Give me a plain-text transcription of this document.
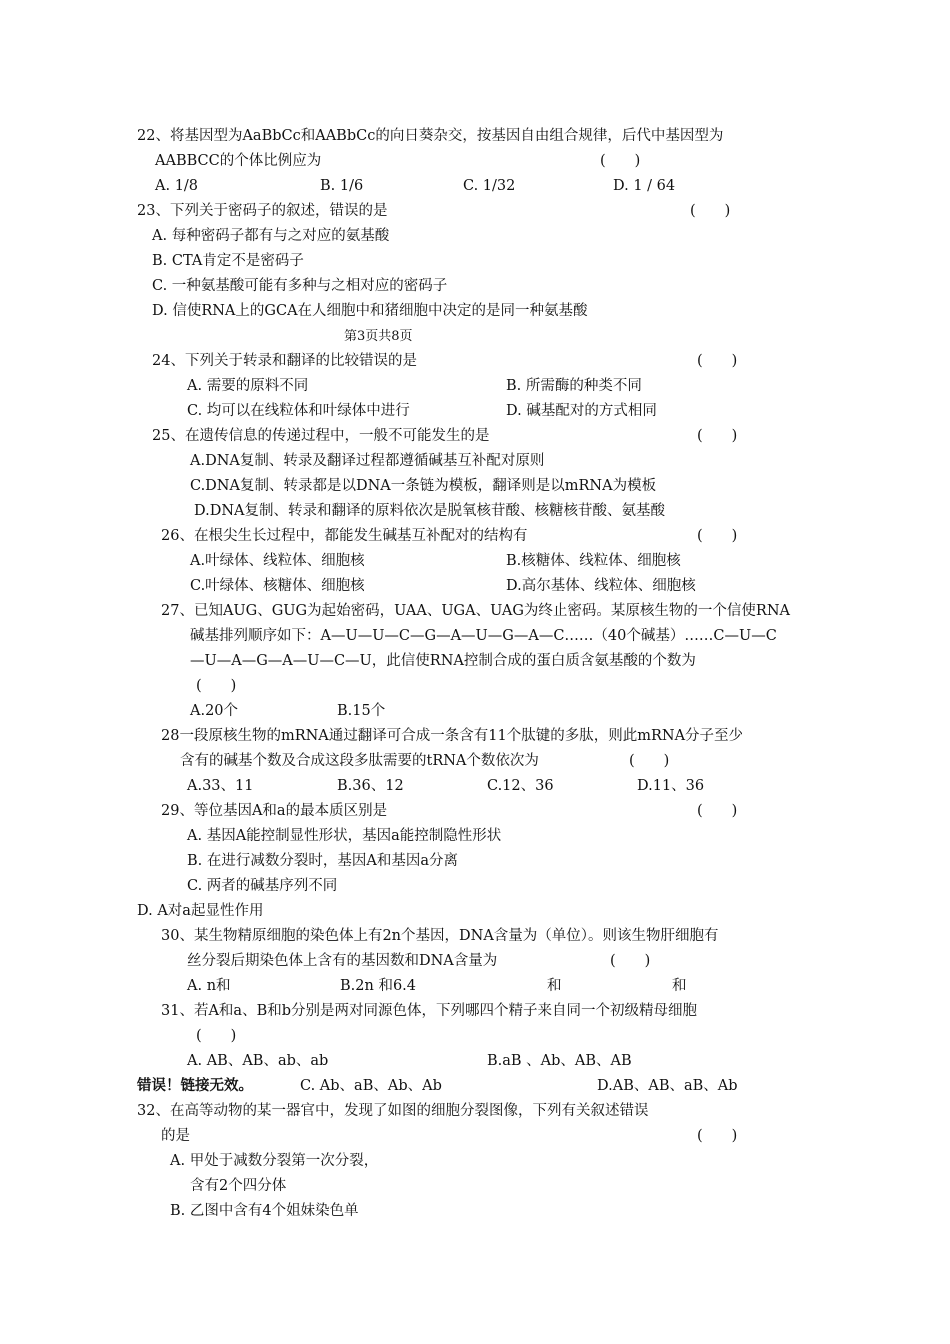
22、将基因型为AaBbCc和AABbCc的向日葵杂交，按基因自由组合规律，后代中基因型为
AABBCC的个体比例应为	(　　)
A. 1/8	B. 1/6	C. 1/32	D. 1 / 64
23、下列关于密码子的叙述，错误的是	(　　)
A. 每种密码子都有与之对应的氨基酸
B. CTA肯定不是密码子
C. 一种氨基酸可能有多种与之相对应的密码子
D. 信使RNA上的GCA在人细胞中和猪细胞中决定的是同一种氨基酸
第3页共8页
24、下列关于转录和翻译的比较错误的是	(　　)
A. 需要的原料不同	B. 所需酶的种类不同
C. 均可以在线粒体和叶绿体中进行	D. 碱基配对的方式相同
25、在遗传信息的传递过程中，一般不可能发生的是	(　　)
A.DNA复制、转录及翻译过程都遵循碱基互补配对原则
C.DNA复制、转录都是以DNA一条链为模板，翻译则是以mRNA为模板
D.DNA复制、转录和翻译的原料依次是脱氧核苷酸、核糖核苷酸、氨基酸
26、在根尖生长过程中，都能发生碱基互补配对的结构有	(　　)
A.叶绿体、线粒体、细胞核	B.核糖体、线粒体、细胞核
C.叶绿体、核糖体、细胞核	D.高尔基体、线粒体、细胞核
27、已知AUG、GUG为起始密码，UAA、UGA、UAG为终止密码。某原核生物的一个信使RNA
碱基排列顺序如下：A—U—U—C—G—A—U—G—A—C……（40个碱基）……C—U—C
—U—A—G—A—U—C—U，此信使RNA控制合成的蛋白质含氨基酸的个数为
(　　)
A.20个	B.15个
28一段原核生物的mRNA通过翻译可合成一条含有11个肽键的多肽，则此mRNA分子至少
含有的碱基个数及合成这段多肽需要的tRNA个数依次为	(　　)
A.33、11	B.36、12	C.12、36	D.11、36
29、等位基因A和a的最本质区别是	(　　)
A. 基因A能控制显性形状，基因a能控制隐性形状
B. 在进行减数分裂时，基因A和基因a分离
C. 两者的碱基序列不同
D. A对a起显性作用
30、某生物精原细胞的染色体上有2n个基因，DNA含量为（单位）。则该生物肝细胞有
丝分裂后期染色体上含有的基因数和DNA含量为	(　　)
A. n和	B.2n 和6.4	和	和
31、若A和a、B和b分别是两对同源色体，下列哪四个精子来自同一个初级精母细胞
(　　)
A. AB、AB、ab、ab	B.aB 、Ab、AB、AB
错误！链接无效。	C. Ab、aB、Ab、Ab	D.AB、AB、aB、Ab
32、在高等动物的某一器官中，发现了如图的细胞分裂图像，下列有关叙述错误
的是	(　　)
A. 甲处于减数分裂第一次分裂，
含有2个四分体
B. 乙图中含有4个姐妹染色单
